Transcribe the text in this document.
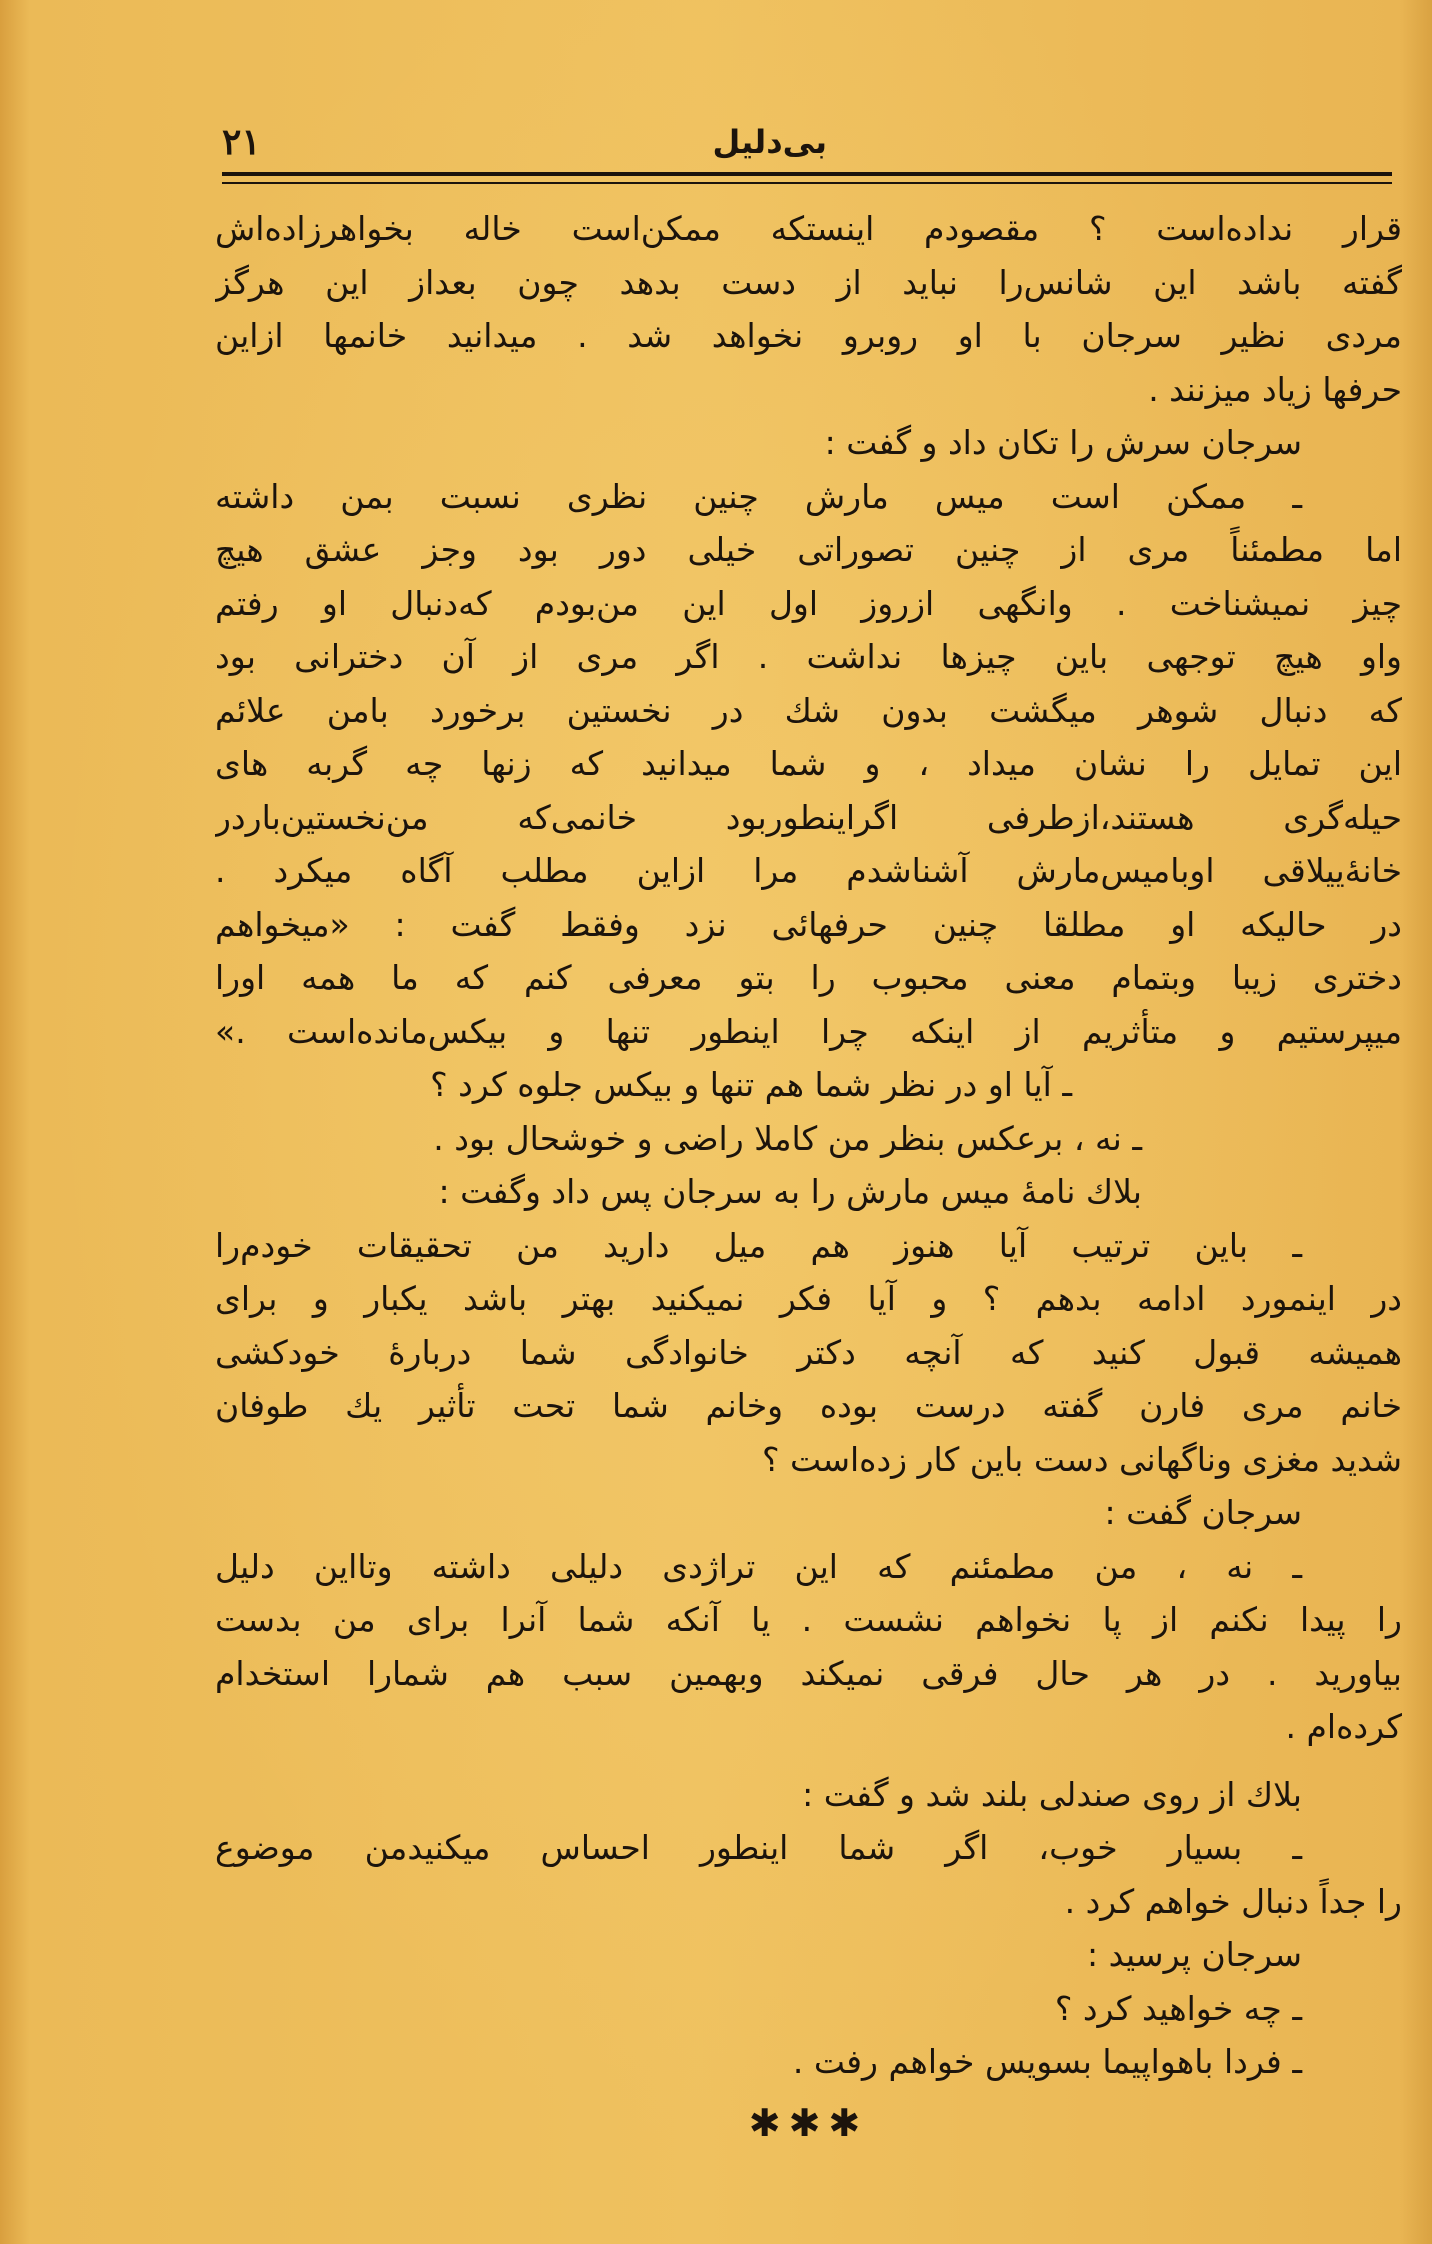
بی‌دلیل
۲۱
قرار نداده‌است ؟ مقصودم اینستکه ممکن‌است خاله بخواهرزاده‌اش
گفته باشد این شانس‌را نباید از دست بدهد چون بعداز این هرگز
مردی نظیر سرجان با او روبرو نخواهد شد . میدانید خانمها ازاین
حرفها زیاد میزنند .
سرجان سرش را تکان داد و گفت :
ـ ممکن است میس مارش چنین نظری نسبت بمن داشته
اما مطمئناً مری از چنین تصوراتی خیلی دور بود وجز عشق هیچ
چیز نمیشناخت . وانگهی ازروز اول این من‌بودم که‌دنبال او رفتم
واو هیچ توجهی باین چیزها نداشت . اگر مری از آن دخترانی بود
که دنبال شوهر میگشت بدون شك در نخستین برخورد بامن علائم
این تمایل را نشان میداد ، و شما میدانید که زنها چه گربه های
حیله‌گری هستند،ازطرفی اگراینطوربود خانمی‌که من‌نخستین‌باردر
خانهٔ‌ییلاقی اوبامیس‌مارش آشناشدم مرا ازاین مطلب آگاه میکرد .
در حالیکه او مطلقا چنین حرفهائی نزد وفقط گفت : «میخواهم
دختری زیبا وبتمام معنی محبوب را بتو معرفی کنم که ما همه اورا
میپرستیم و متأثریم از اینکه چرا اینطور تنها و بیکس‌مانده‌است .»
ـ آیا او در نظر شما هم تنها و بیکس جلوه کرد ؟
ـ نه ، برعکس بنظر من کاملا راضی و خوشحال بود .
بلاك نامهٔ میس مارش را به سرجان پس داد وگفت :
ـ باین ترتیب آیا هنوز هم میل دارید من تحقیقات خودم‌را
در اینمورد ادامه بدهم ؟ و آیا فکر نمیکنید بهتر باشد یکبار و برای
همیشه قبول کنید که آنچه دکتر خانوادگی شما دربارهٔ خودکشی
خانم مری فارن گفته درست بوده وخانم شما تحت تأثیر یك طوفان
شدید مغزی وناگهانی دست باین کار زده‌است ؟
سرجان گفت :
ـ نه ، من مطمئنم که این تراژدی دلیلی داشته وتااین دلیل
را پیدا نکنم از پا نخواهم نشست . یا آنکه شما آنرا برای من بدست
بیاورید . در هر حال فرقی نمیکند وبهمین سبب هم شمارا استخدام
کرده‌ام .
بلاك از روی صندلی بلند شد و گفت :
ـ بسیار خوب، اگر شما اینطور احساس میکنیدمن موضوع
را جداً دنبال خواهم کرد .
سرجان پرسید :
ـ چه خواهید کرد ؟
ـ فردا باهواپیما بسویس خواهم رفت .
✱✱✱
